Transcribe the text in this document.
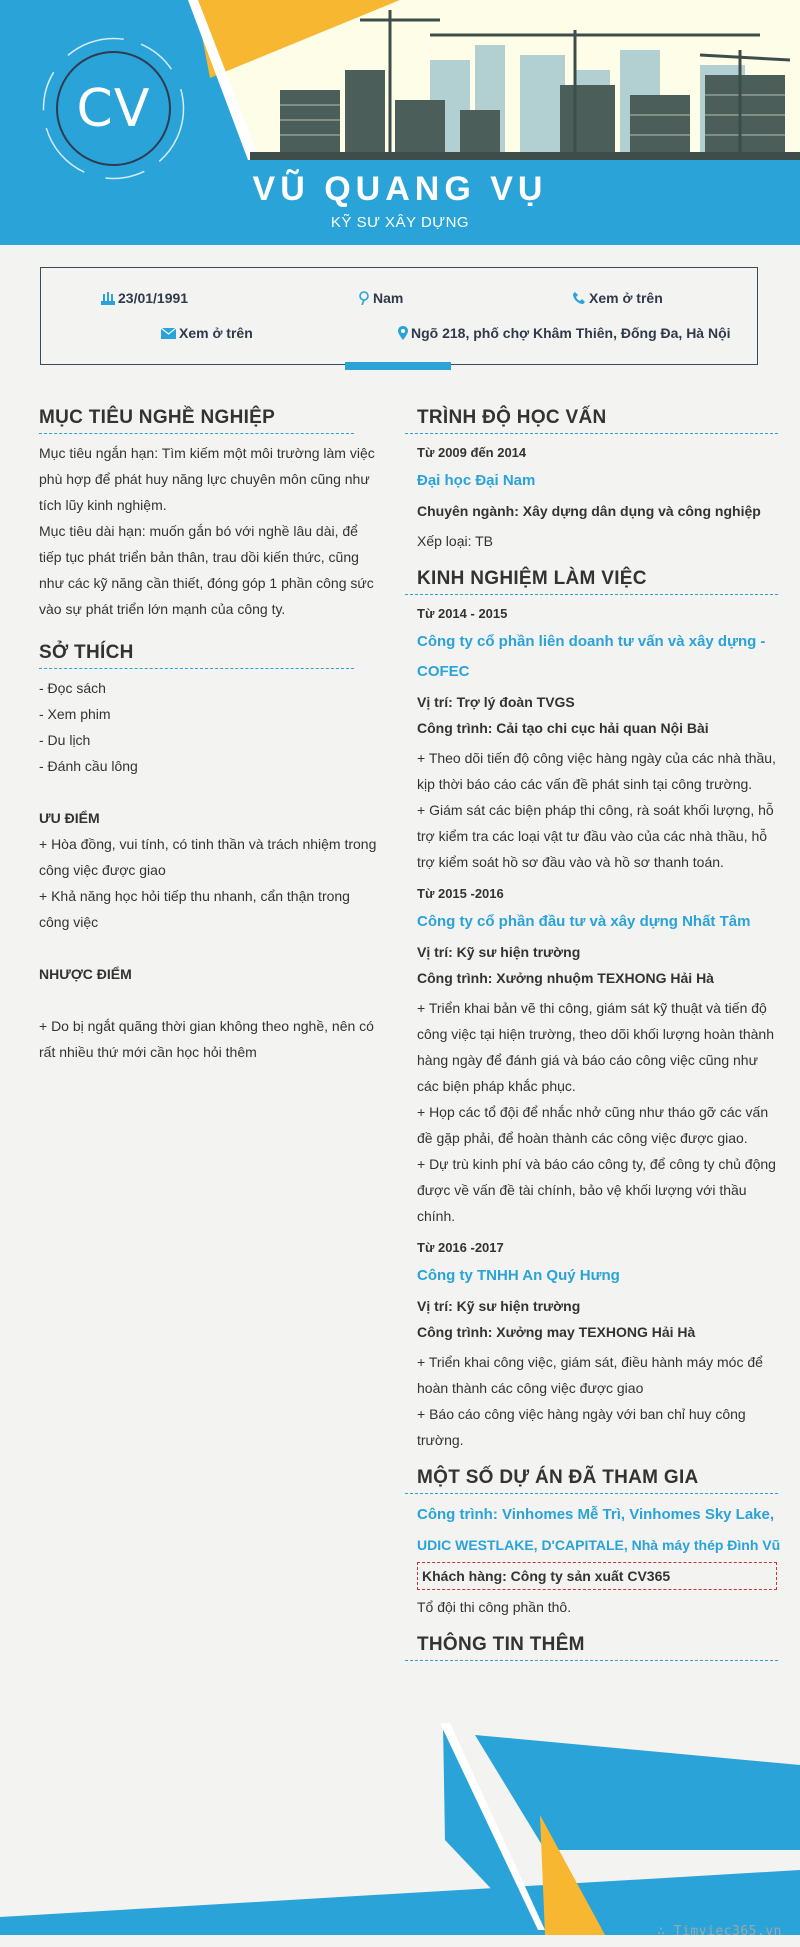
CV
VŨ QUANG VỤ
KỸ SƯ XÂY DỰNG
23/01/1991	Nam	Xem ở trên
Xem ở trên	Ngõ 218, phố chợ Khâm Thiên, Đống Đa, Hà Nội
MỤC TIÊU NGHỀ NGHIỆP
Mục tiêu ngắn hạn: Tìm kiếm một môi trường làm việc
phù hợp để phát huy năng lực chuyên môn cũng như
tích lũy kinh nghiệm.
Mục tiêu dài hạn: muốn gắn bó với nghề lâu dài, để
tiếp tục phát triển bản thân, trau dồi kiến thức, cũng
như các kỹ năng cần thiết, đóng góp 1 phần công sức
vào sự phát triển lớn mạnh của công ty.
SỞ THÍCH
- Đọc sách
- Xem phim
- Du lịch
- Đánh cầu lông
ƯU ĐIỂM
+ Hòa đồng, vui tính, có tinh thần và trách nhiệm trong
công việc được giao
+ Khả năng học hỏi tiếp thu nhanh, cẩn thận trong
công việc
NHƯỢC ĐIỂM
+ Do bị ngắt quãng thời gian không theo nghề, nên có
rất nhiều thứ mới cần học hỏi thêm
TRÌNH ĐỘ HỌC VẤN
Từ 2009 đến 2014
Đại học Đại Nam
Chuyên ngành: Xây dựng dân dụng và công nghiệp
Xếp loại: TB
KINH NGHIỆM LÀM VIỆC
Từ 2014 - 2015
Công ty cổ phần liên doanh tư vấn và xây dựng -
COFEC
Vị trí: Trợ lý đoàn TVGS
Công trình: Cải tạo chi cục hải quan Nội Bài
+ Theo dõi tiến độ công việc hàng ngày của các nhà thầu,
kịp thời báo cáo các vấn đề phát sinh tại công trường.
+ Giám sát các biện pháp thi công, rà soát khối lượng, hỗ
trợ kiểm tra các loại vật tư đầu vào của các nhà thầu, hỗ
trợ kiểm soát hồ sơ đầu vào và hồ sơ thanh toán.
Từ 2015 -2016
Công ty cổ phần đầu tư và xây dựng Nhất Tâm
Vị trí: Kỹ sư hiện trường
Công trình: Xưởng nhuộm TEXHONG Hải Hà
+ Triển khai bản vẽ thi công, giám sát kỹ thuật và tiến độ
công việc tại hiện trường, theo dõi khối lượng hoàn thành
hàng ngày để đánh giá và báo cáo công việc cũng như
các biện pháp khắc phục.
+ Họp các tổ đội để nhắc nhở cũng như tháo gỡ các vấn
đề gặp phải, để hoàn thành các công việc được giao.
+ Dự trù kinh phí và báo cáo công ty, để công ty chủ động
được về vấn đề tài chính, bảo vệ khối lượng với thầu
chính.
Từ 2016 -2017
Công ty TNHH An Quý Hưng
Vị trí: Kỹ sư hiện trường
Công trình: Xưởng may TEXHONG Hải Hà
+ Triển khai công việc, giám sát, điều hành máy móc để
hoàn thành các công việc được giao
+ Báo cáo công việc hàng ngày với ban chỉ huy công
trường.
MỘT SỐ DỰ ÁN ĐÃ THAM GIA
Công trình: Vinhomes Mễ Trì, Vinhomes Sky Lake,
UDIC WESTLAKE, D'CAPITALE, Nhà máy thép Đình Vũ
Khách hàng: Công ty sản xuất CV365
Tổ đội thi công phần thô.
THÔNG TIN THÊM
∴ Timviec365.vn
